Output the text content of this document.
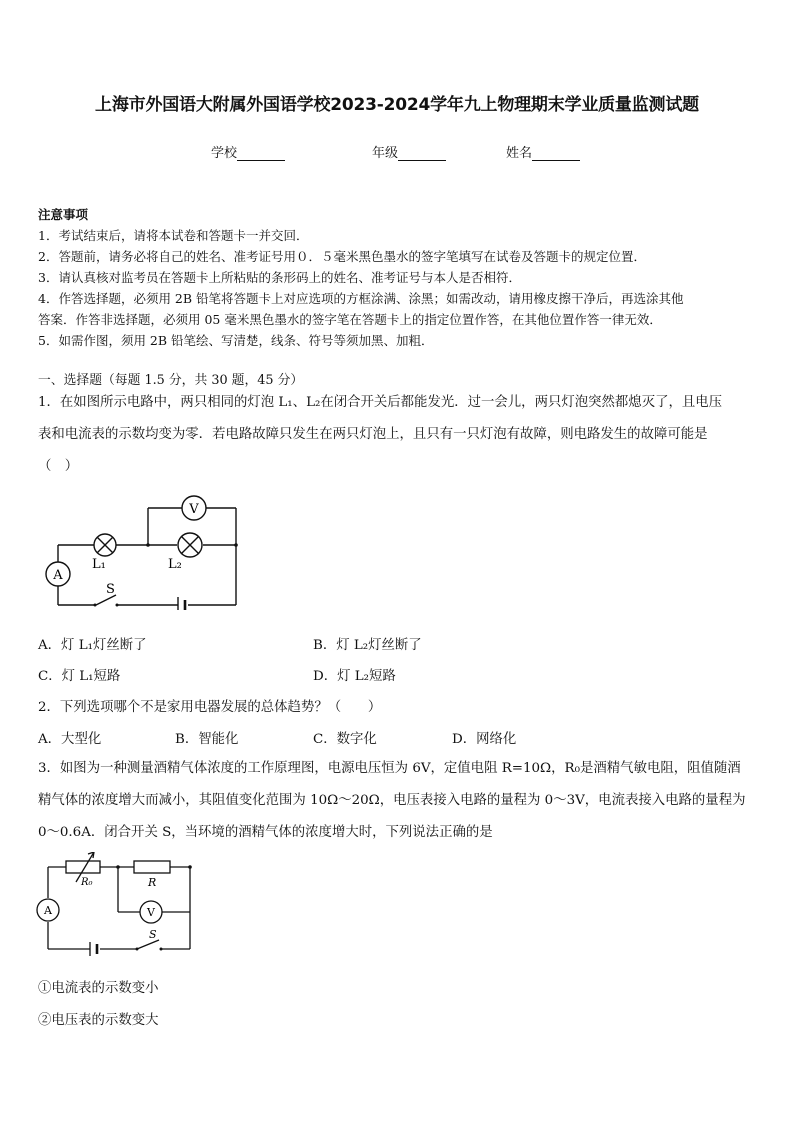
上海市外国语大附属外国语学校2023-2024学年九上物理期末学业质量监测试题
学校	年级	姓名
注意事项
1．考试结束后，请将本试卷和答题卡一并交回．
2．答题前，请务必将自己的姓名、准考证号用０．５毫米黑色墨水的签字笔填写在试卷及答题卡的规定位置．
3．请认真核对监考员在答题卡上所粘贴的条形码上的姓名、准考证号与本人是否相符．
4．作答选择题，必须用 2B 铅笔将答题卡上对应选项的方框涂满、涂黑；如需改动，请用橡皮擦干净后，再选涂其他
答案．作答非选择题，必须用 05 毫米黑色墨水的签字笔在答题卡上的指定位置作答，在其他位置作答一律无效．
5．如需作图，须用 2B 铅笔绘、写清楚，线条、符号等须加黑、加粗．
一、选择题（每题 1.5 分，共 30 题，45 分）
1．在如图所示电路中，两只相同的灯泡 L₁、L₂在闭合开关后都能发光．过一会儿，两只灯泡突然都熄灭了，且电压
表和电流表的示数均变为零．若电路故障只发生在两只灯泡上，且只有一只灯泡有故障，则电路发生的故障可能是
（　）
V
A
L₁	L₂
S
A．灯 L₁灯丝断了	B．灯 L₂灯丝断了
C．灯 L₁短路	D．灯 L₂短路
2．下列选项哪个不是家用电器发展的总体趋势？（　　）
A．大型化	B．智能化	C．数字化	D．网络化
3．如图为一种测量酒精气体浓度的工作原理图，电源电压恒为 6V，定值电阻 R=10Ω，R₀是酒精气敏电阻，阻值随酒
精气体的浓度增大而减小，其阻值变化范围为 10Ω～20Ω，电压表接入电路的量程为 0～3V，电流表接入电路的量程为
0～0.6A．闭合开关 S，当环境的酒精气体的浓度增大时，下列说法正确的是
R₀	R
A	V
S
①电流表的示数变小
②电压表的示数变大
